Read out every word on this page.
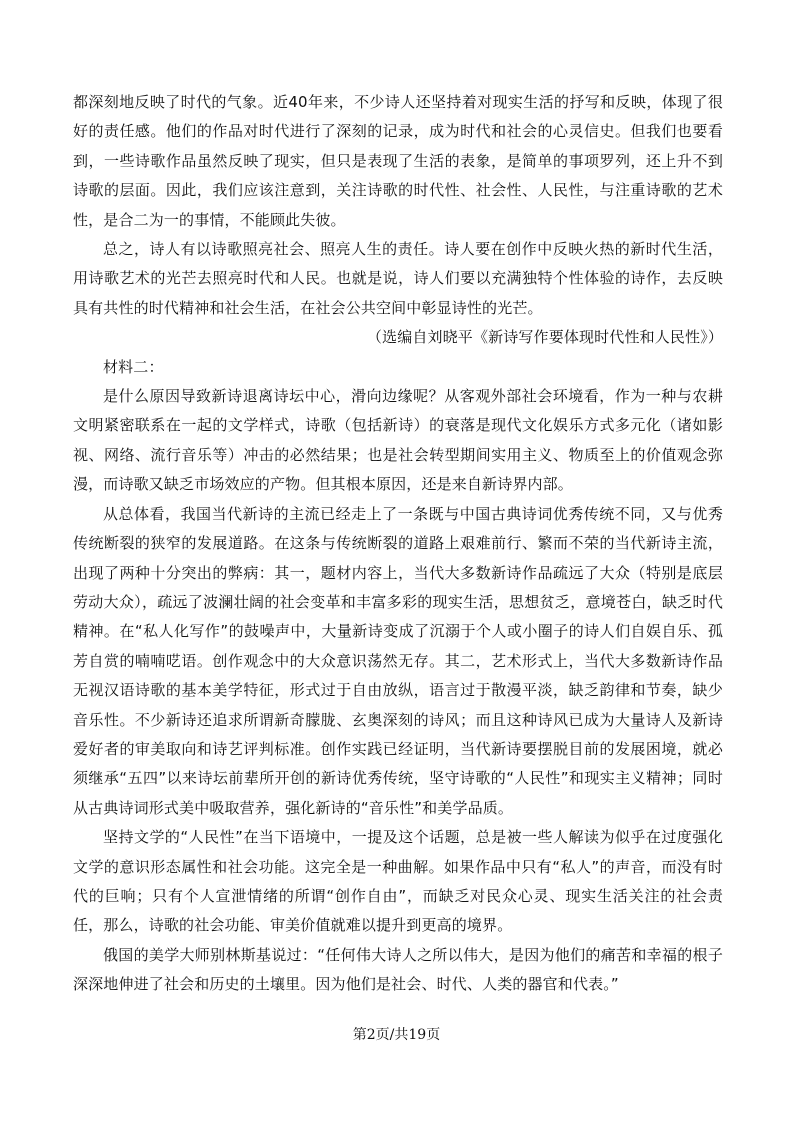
都深刻地反映了时代的气象。近40年来，不少诗人还坚持着对现实生活的抒写和反映，体现了很好的责任感。他们的作品对时代进行了深刻的记录，成为时代和社会的心灵信史。但我们也要看到，一些诗歌作品虽然反映了现实，但只是表现了生活的表象，是简单的事项罗列，还上升不到诗歌的层面。因此，我们应该注意到，关注诗歌的时代性、社会性、人民性，与注重诗歌的艺术性，是合二为一的事情，不能顾此失彼。

总之，诗人有以诗歌照亮社会、照亮人生的责任。诗人要在创作中反映火热的新时代生活，用诗歌艺术的光芒去照亮时代和人民。也就是说，诗人们要以充满独特个性体验的诗作，去反映具有共性的时代精神和社会生活，在社会公共空间中彰显诗性的光芒。

（选编自刘晓平《新诗写作要体现时代性和人民性》）

材料二：

是什么原因导致新诗退离诗坛中心，滑向边缘呢？从客观外部社会环境看，作为一种与农耕文明紧密联系在一起的文学样式，诗歌（包括新诗）的衰落是现代文化娱乐方式多元化（诸如影视、网络、流行音乐等）冲击的必然结果；也是社会转型期间实用主义、物质至上的价值观念弥漫，而诗歌又缺乏市场效应的产物。但其根本原因，还是来自新诗界内部。

从总体看，我国当代新诗的主流已经走上了一条既与中国古典诗词优秀传统不同，又与优秀传统断裂的狭窄的发展道路。在这条与传统断裂的道路上艰难前行、繁而不荣的当代新诗主流，出现了两种十分突出的弊病：其一，题材内容上，当代大多数新诗作品疏远了大众（特别是底层劳动大众），疏远了波澜壮阔的社会变革和丰富多彩的现实生活，思想贫乏，意境苍白，缺乏时代精神。在“私人化写作”的鼓噪声中，大量新诗变成了沉溺于个人或小圈子的诗人们自娱自乐、孤芳自赏的喃喃呓语。创作观念中的大众意识荡然无存。其二，艺术形式上，当代大多数新诗作品无视汉语诗歌的基本美学特征，形式过于自由放纵，语言过于散漫平淡，缺乏韵律和节奏，缺少音乐性。不少新诗还追求所谓新奇朦胧、玄奥深刻的诗风；而且这种诗风已成为大量诗人及新诗爱好者的审美取向和诗艺评判标准。创作实践已经证明，当代新诗要摆脱目前的发展困境，就必须继承“五四”以来诗坛前辈所开创的新诗优秀传统，坚守诗歌的“人民性”和现实主义精神；同时从古典诗词形式美中吸取营养，强化新诗的“音乐性”和美学品质。

坚持文学的“人民性”在当下语境中，一提及这个话题，总是被一些人解读为似乎在过度强化文学的意识形态属性和社会功能。这完全是一种曲解。如果作品中只有“私人”的声音，而没有时代的巨响；只有个人宣泄情绪的所谓“创作自由”，而缺乏对民众心灵、现实生活关注的社会责任，那么，诗歌的社会功能、审美价值就难以提升到更高的境界。

俄国的美学大师别林斯基说过：“任何伟大诗人之所以伟大，是因为他们的痛苦和幸福的根子深深地伸进了社会和历史的土壤里。因为他们是社会、时代、人类的器官和代表。”

第2页/共19页
